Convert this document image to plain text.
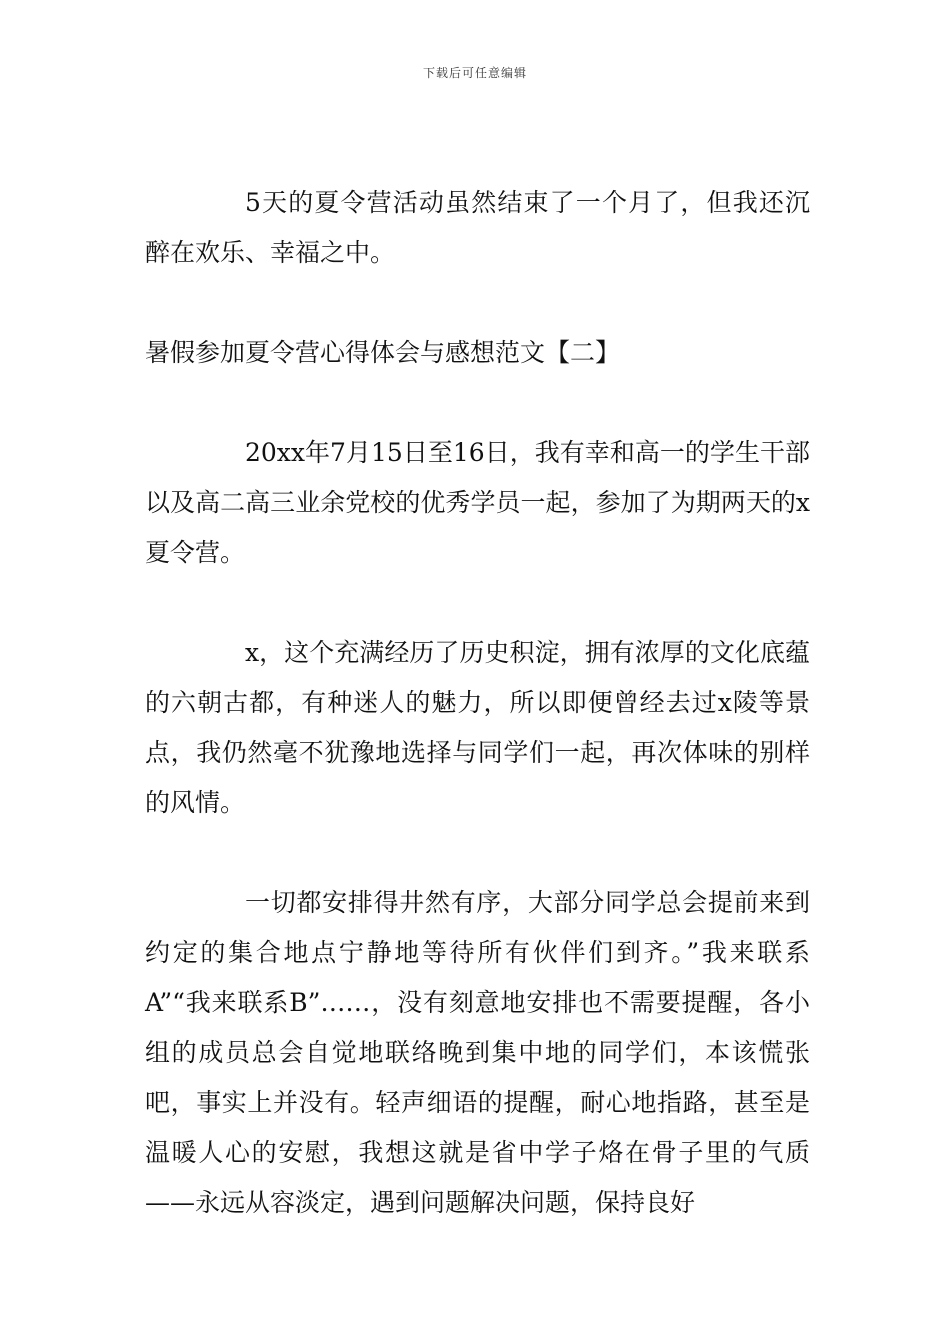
下载后可任意编辑

5天的夏令营活动虽然结束了一个月了，但我还沉醉在欢乐、幸福之中。

暑假参加夏令营心得体会与感想范文【二】

20xx年7月15日至16日，我有幸和高一的学生干部以及高二高三业余党校的优秀学员一起，参加了为期两天的x夏令营。

x，这个充满经历了历史积淀，拥有浓厚的文化底蕴的六朝古都，有种迷人的魅力，所以即便曾经去过x陵等景点，我仍然毫不犹豫地选择与同学们一起，再次体味的别样的风情。

一切都安排得井然有序，大部分同学总会提前来到约定的集合地点宁静地等待所有伙伴们到齐。”我来联系A”“我来联系B”……，没有刻意地安排也不需要提醒，各小组的成员总会自觉地联络晚到集中地的同学们，本该慌张吧，事实上并没有。轻声细语的提醒，耐心地指路，甚至是温暖人心的安慰，我想这就是省中学子烙在骨子里的气质——永远从容淡定，遇到问题解决问题，保持良好
